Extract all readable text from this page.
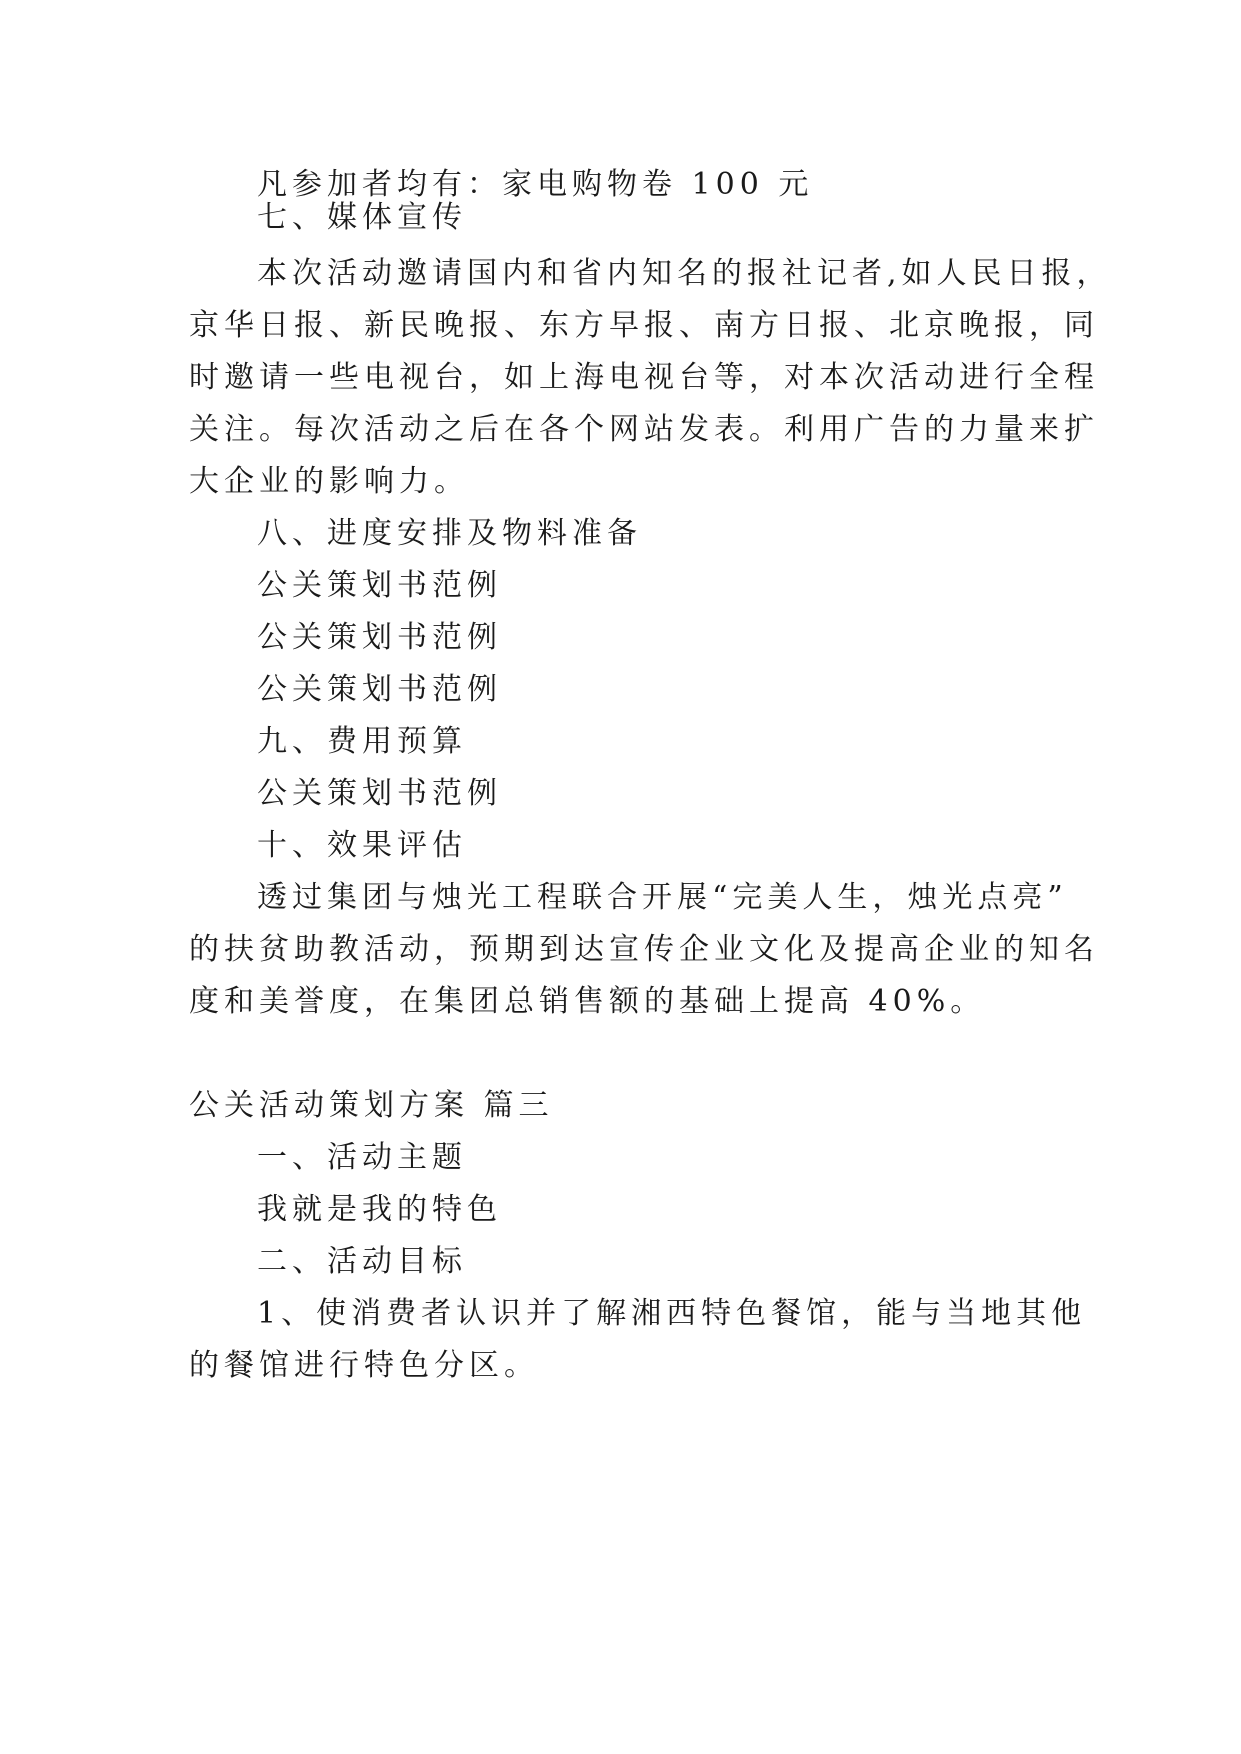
凡参加者均有：家电购物卷 100 元
七、媒体宣传
本次活动邀请国内和省内知名的报社记者,如人民日报，
京华日报、新民晚报、东方早报、南方日报、北京晚报，同
时邀请一些电视台，如上海电视台等，对本次活动进行全程
关注。每次活动之后在各个网站发表。利用广告的力量来扩
大企业的影响力。
八、进度安排及物料准备
公关策划书范例
公关策划书范例
公关策划书范例
九、费用预算
公关策划书范例
十、效果评估
透过集团与烛光工程联合开展“完美人生，烛光点亮”
的扶贫助教活动，预期到达宣传企业文化及提高企业的知名
度和美誉度，在集团总销售额的基础上提高 40%。
公关活动策划方案 篇三
一、活动主题
我就是我的特色
二、活动目标
1、使消费者认识并了解湘西特色餐馆，能与当地其他
的餐馆进行特色分区。
